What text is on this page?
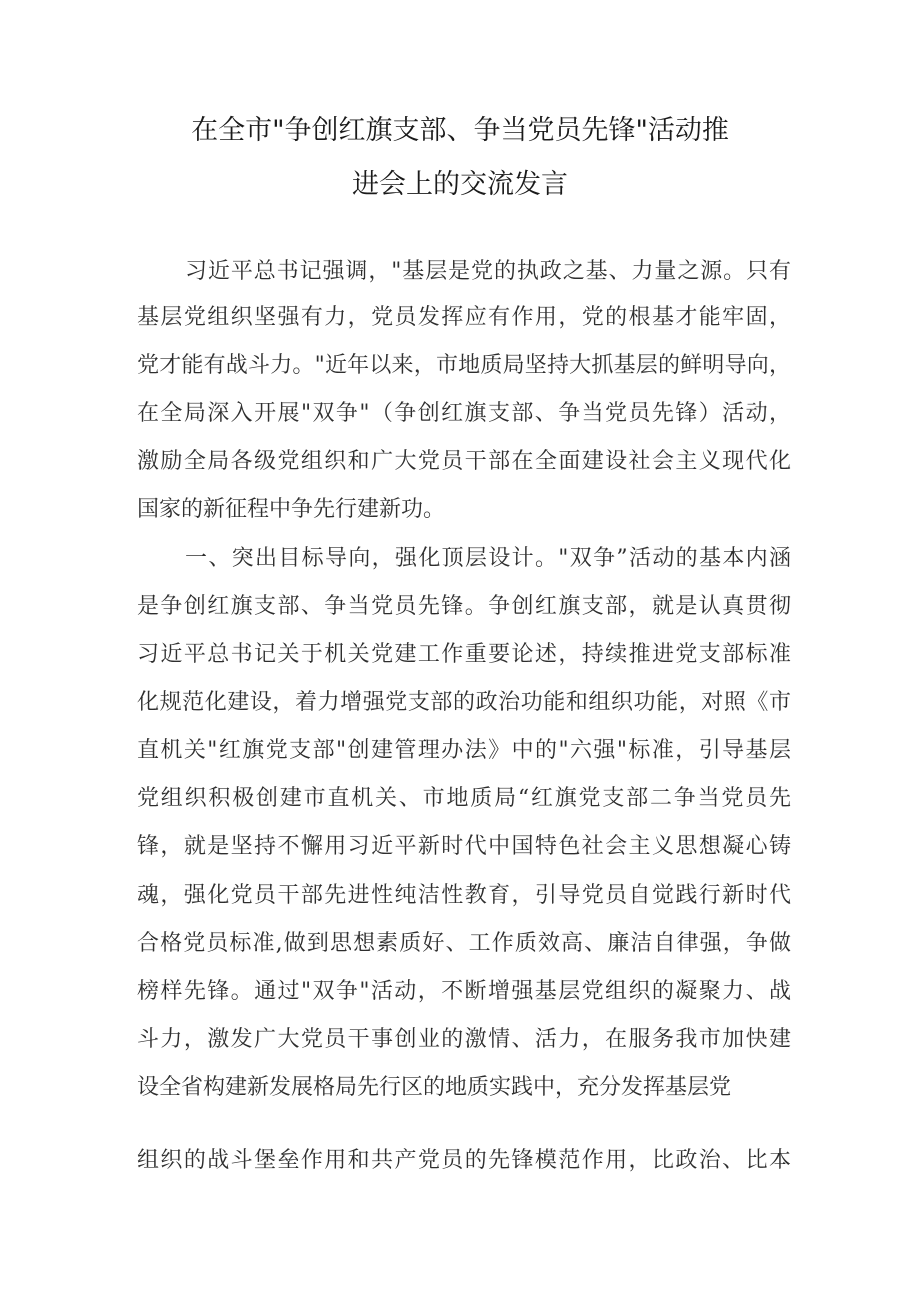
在全市"争创红旗支部、争当党员先锋"活动推
进会上的交流发言
习近平总书记强调，"基层是党的执政之基、力量之源。只有
基层党组织坚强有力，党员发挥应有作用，党的根基才能牢固，
党才能有战斗力。"近年以来，市地质局坚持大抓基层的鲜明导向，
在全局深入开展"双争"（争创红旗支部、争当党员先锋）活动，
激励全局各级党组织和广大党员干部在全面建设社会主义现代化
国家的新征程中争先行建新功。
一、突出目标导向，强化顶层设计。"双争”活动的基本内涵
是争创红旗支部、争当党员先锋。争创红旗支部，就是认真贯彻
习近平总书记关于机关党建工作重要论述，持续推进党支部标准
化规范化建设，着力增强党支部的政治功能和组织功能，对照《市
直机关"红旗党支部"创建管理办法》中的"六强"标准，引导基层
党组织积极创建市直机关、市地质局“红旗党支部二争当党员先
锋，就是坚持不懈用习近平新时代中国特色社会主义思想凝心铸
魂，强化党员干部先进性纯洁性教育，引导党员自觉践行新时代
合格党员标准,做到思想素质好、工作质效高、廉洁自律强，争做
榜样先锋。通过"双争"活动，不断增强基层党组织的凝聚力、战
斗力，激发广大党员干事创业的激情、活力，在服务我市加快建
设全省构建新发展格局先行区的地质实践中，充分发挥基层党
组织的战斗堡垒作用和共产党员的先锋模范作用，比政治、比本
